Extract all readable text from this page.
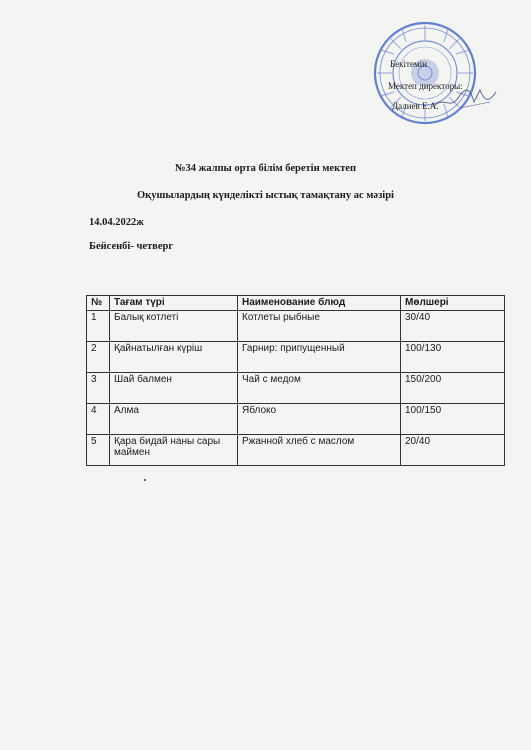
Бекітемін
Мектеп директоры:
Далиев Е.А.
№34 жалпы орта білім беретін мектеп
Оқушылардың күнделікті ыстық тамақтану ас мәзірі
14.04.2022ж
Бейсенбі- четверг
№	Тағам түрі	Наименование блюд	Мөлшері
1	Балық котлеті	Котлеты рыбные	30/40
2	Қайнатылған күріш	Гарнир: припущенный	100/130
3	Шай балмен	Чай с медом	150/200
4	Алма	Яблоко	100/150
5	Қара бидай наны сары маймен	Ржанной хлеб с маслом	20/40
